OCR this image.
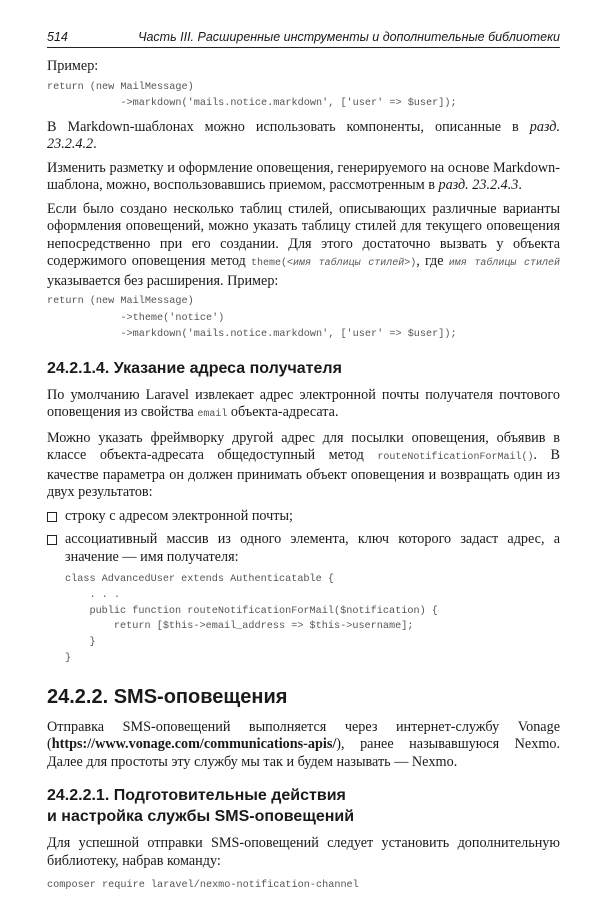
514	Часть III. Расширенные инструменты и дополнительные библиотеки

Пример:

return (new MailMessage)
->markdown('mails.notice.markdown', ['user' => $user]);

В Markdown-шаблонах можно использовать компоненты, описанные в разд. 23.2.4.2.

Изменить разметку и оформление оповещения, генерируемого на основе Markdown-шаблона, можно, воспользовавшись приемом, рассмотренным в разд. 23.2.4.3.

Если было создано несколько таблиц стилей, описывающих различные варианты оформления оповещений, можно указать таблицу стилей для текущего оповещения непосредственно при его создании. Для этого достаточно вызвать у объекта содержимого оповещения метод theme(<имя таблицы стилей>), где имя таблицы стилей указывается без расширения. Пример:

return (new MailMessage)
->theme('notice')
->markdown('mails.notice.markdown', ['user' => $user]);
24.2.1.4. Указание адреса получателя

По умолчанию Laravel извлекает адрес электронной почты получателя почтового оповещения из свойства email объекта-адресата.

Можно указать фреймворку другой адрес для посылки оповещения, объявив в классе объекта-адресата общедоступный метод routeNotificationForMail(). В качестве параметра он должен принимать объект оповещения и возвращать один из двух результатов:

строку с адресом электронной почты;

ассоциативный массив из одного элемента, ключ которого задаст адрес, а значение — имя получателя:

class AdvancedUser extends Authenticatable {
. . .
public function routeNotificationForMail($notification) {
return [$this->email_address => $this->username];
}
}
24.2.2. SMS-оповещения

Отправка SMS-оповещений выполняется через интернет-службу Vonage (https://www.vonage.com/communications-apis/), ранее называвшуюся Nexmo. Далее для простоты эту службу мы так и будем называть — Nexmo.

24.2.2.1. Подготовительные действия
и настройка службы SMS-оповещений

Для успешной отправки SMS-оповещений следует установить дополнительную библиотеку, набрав команду:

composer require laravel/nexmo-notification-channel
